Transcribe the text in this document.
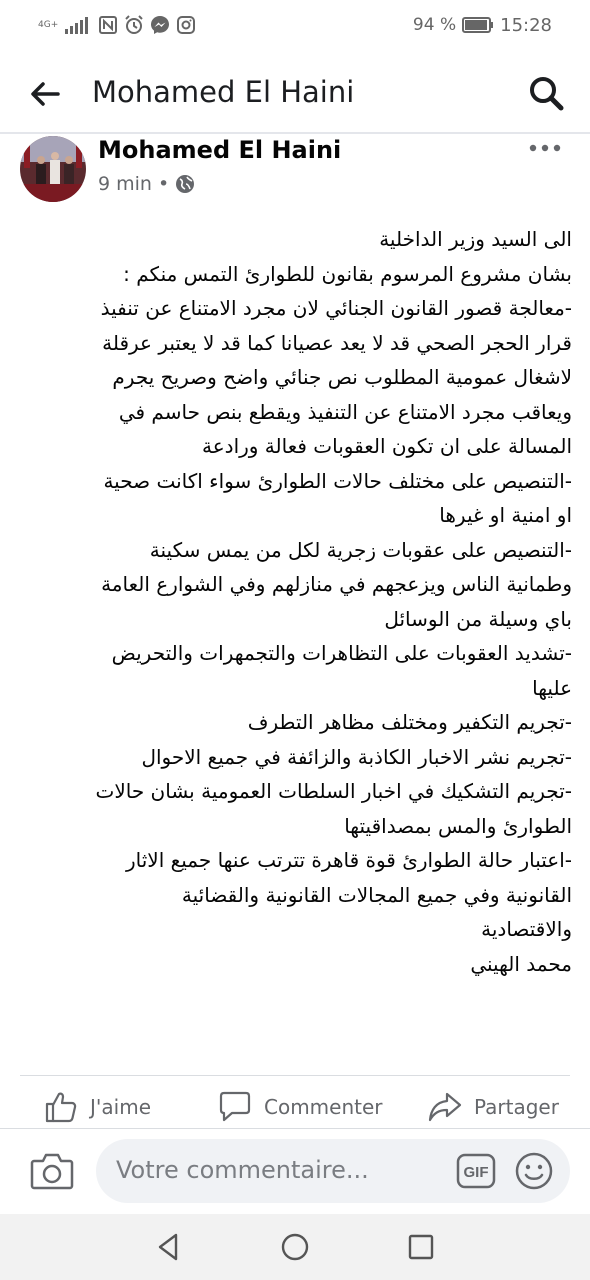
4G+	94 % 15:28
Mohamed El Haini
Mohamed El Haini
9 min •
الى السيد وزير الداخلية
بشان مشروع المرسوم بقانون للطوارئ التمس منكم :
-معالجة قصور القانون الجنائي لان مجرد الامتناع عن تنفيذ
قرار الحجر الصحي قد لا يعد عصيانا كما قد لا يعتبر عرقلة
لاشغال عمومية المطلوب نص جنائي واضح وصريح يجرم
ويعاقب مجرد الامتناع عن التنفيذ ويقطع بنص حاسم في
المسالة على ان تكون العقوبات فعالة ورادعة
-التنصيص على مختلف حالات الطوارئ سواء اكانت صحية
او امنية او غيرها
-التنصيص على عقوبات زجرية لكل من يمس سكينة
وطمانية الناس ويزعجهم في منازلهم وفي الشوارع العامة
باي وسيلة من الوسائل
-تشديد العقوبات على التظاهرات والتجمهرات والتحريض
عليها
-تجريم التكفير ومختلف مظاهر التطرف
-تجريم نشر الاخبار الكاذبة والزائفة في جميع الاحوال
-تجريم التشكيك في اخبار السلطات العمومية بشان حالات
الطوارئ والمس بمصداقيتها
-اعتبار حالة الطوارئ قوة قاهرة تترتب عنها جميع الاثار
القانونية وفي جميع المجالات القانونية والقضائية
والاقتصادية
محمد الهيني
J'aime	Commenter	Partager
Votre commentaire...	GIF
